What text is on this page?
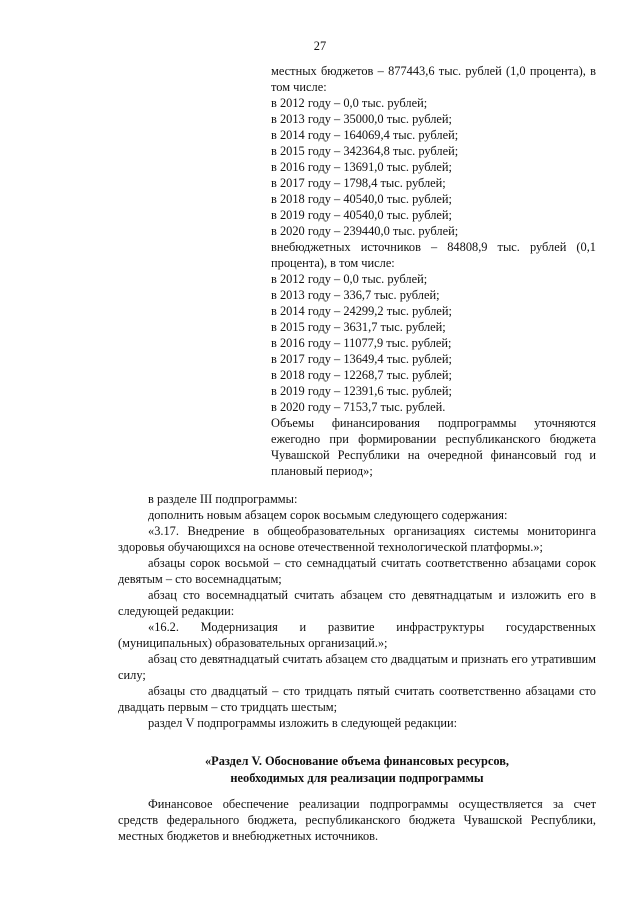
27
местных бюджетов – 877443,6 тыс. рублей (1,0 процента), в том числе:
в 2012 году – 0,0 тыс. рублей;
в 2013 году – 35000,0 тыс. рублей;
в 2014 году – 164069,4 тыс. рублей;
в 2015 году – 342364,8 тыс. рублей;
в 2016 году – 13691,0 тыс. рублей;
в 2017 году – 1798,4 тыс. рублей;
в 2018 году – 40540,0 тыс. рублей;
в 2019 году – 40540,0 тыс. рублей;
в 2020 году – 239440,0 тыс. рублей;
внебюджетных источников – 84808,9 тыс. рублей (0,1 процента), в том числе:
в 2012 году – 0,0 тыс. рублей;
в 2013 году – 336,7 тыс. рублей;
в 2014 году – 24299,2 тыс. рублей;
в 2015 году – 3631,7 тыс. рублей;
в 2016 году – 11077,9 тыс. рублей;
в 2017 году – 13649,4 тыс. рублей;
в 2018 году – 12268,7 тыс. рублей;
в 2019 году – 12391,6 тыс. рублей;
в 2020 году – 7153,7 тыс. рублей.
Объемы финансирования подпрограммы уточняются ежегодно при формировании республиканского бюджета Чувашской Республики на очередной финансовый год и плановый период»;

в разделе III подпрограммы:

дополнить новым абзацем сорок восьмым следующего содержания:

«3.17. Внедрение в общеобразовательных организациях системы мониторинга здоровья обучающихся на основе отечественной технологической платформы.»;

абзацы сорок восьмой – сто семнадцатый считать соответственно абзацами сорок девятым – сто восемнадцатым;

абзац сто восемнадцатый считать абзацем сто девятнадцатым и изложить его в следующей редакции:

«16.2. Модернизация и развитие инфраструктуры государственных (муниципальных) образовательных организаций.»;

абзац сто девятнадцатый считать абзацем сто двадцатым и признать его утратившим силу;

абзацы сто двадцатый – сто тридцать пятый считать соответственно абзацами сто двадцать первым – сто тридцать шестым;

раздел V подпрограммы изложить в следующей редакции:

«Раздел V. Обоснование объема финансовых ресурсов,
необходимых для реализации подпрограммы

Финансовое обеспечение реализации подпрограммы осуществляется за счет средств федерального бюджета, республиканского бюджета Чувашской Республики, местных бюджетов и внебюджетных источников.
